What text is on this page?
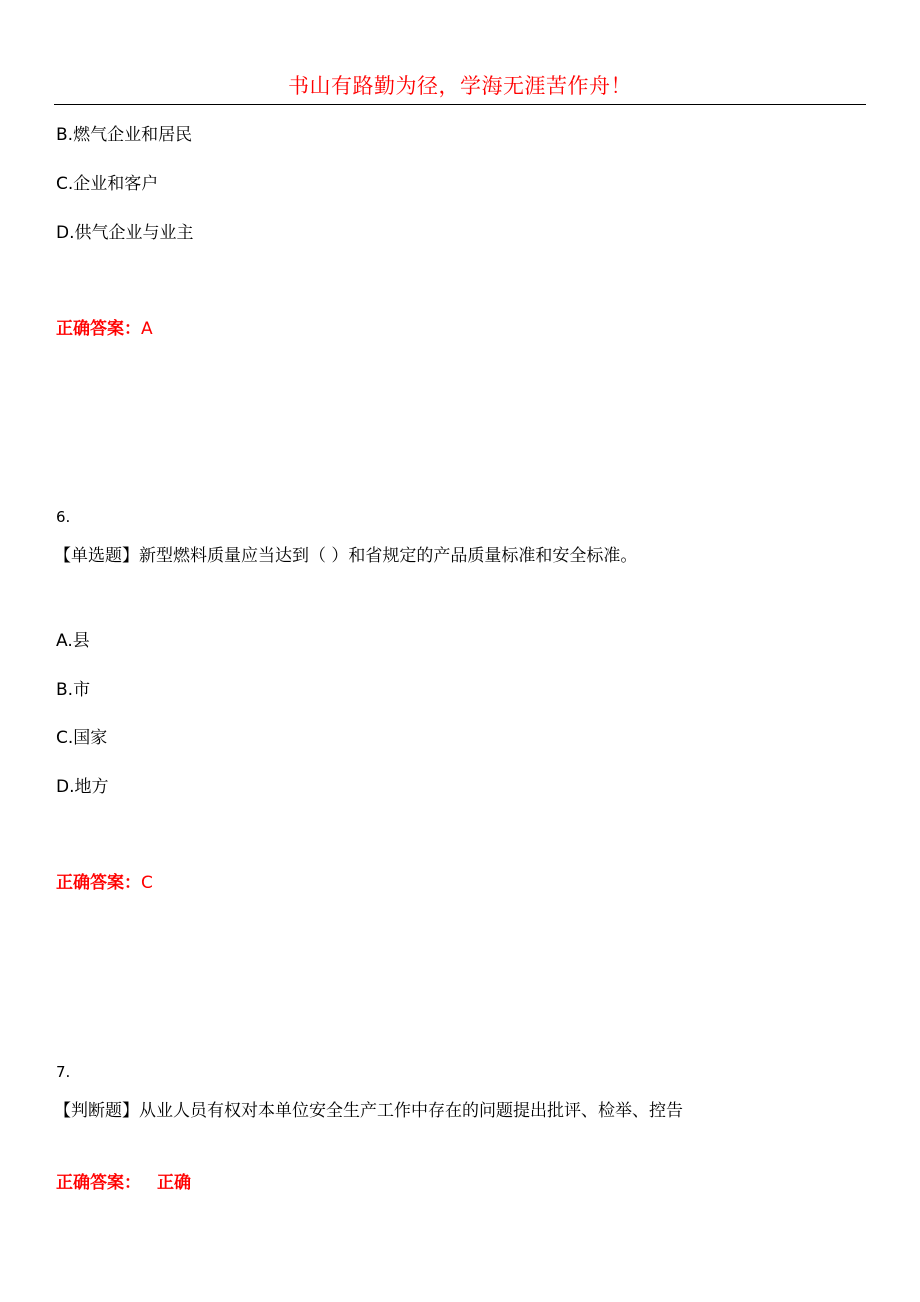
书山有路勤为径，学海无涯苦作舟！
B.燃气企业和居民
C.企业和客户
D.供气企业与业主
正确答案：A
6.
【单选题】新型燃料质量应当达到（ ）和省规定的产品质量标准和安全标准。
A.县
B.市
C.国家
D.地方
正确答案：C
7.
【判断题】从业人员有权对本单位安全生产工作中存在的问题提出批评、检举、控告
正确答案： 正确
